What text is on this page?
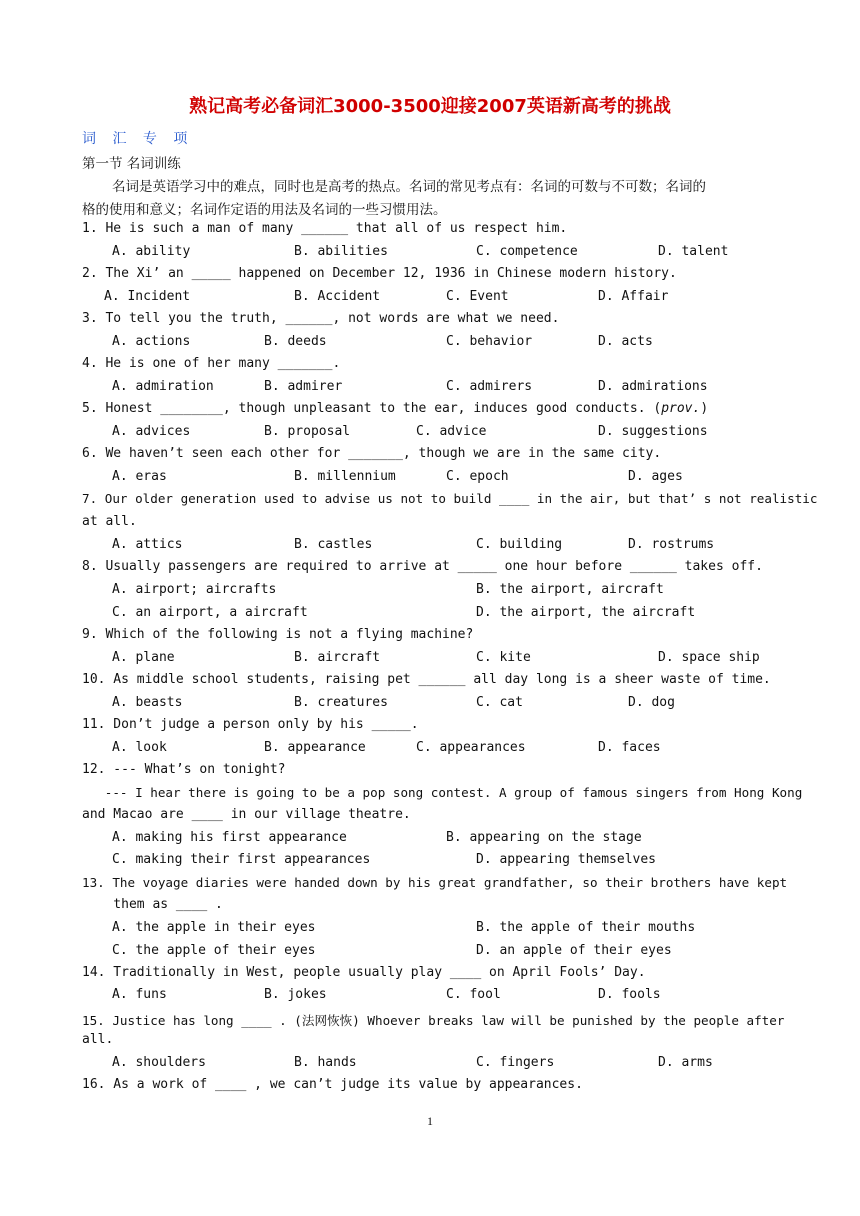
熟记高考必备词汇3000-3500迎接2007英语新高考的挑战
词 汇 专 项
第一节 名词训练
名词是英语学习中的难点，同时也是高考的热点。名词的常见考点有：名词的可数与不可数；名词的
格的使用和意义；名词作定语的用法及名词的一些习惯用法。
1. He is such a man of many ______ that all of us respect him.
A. ability	B. abilities	C. competence	D. talent
2. The Xi’ an _____ happened on December 12, 1936 in Chinese modern history.
A. Incident	B. Accident	C. Event	D. Affair
3. To tell you the truth, ______, not words are what we need.
A. actions	B. deeds	C. behavior	D. acts
4. He is one of her many _______.
A. admiration	B. admirer	C. admirers	D. admirations
5. Honest ________, though unpleasant to the ear, induces good conducts. (prov.)
A. advices	B. proposal	C. advice	D. suggestions
6. We haven’t seen each other for _______, though we are in the same city.
A. eras	B. millennium	C. epoch	D. ages
7. Our older generation used to advise us not to build ____ in the air, but that’ s not realistic
at all.
A. attics	B. castles	C. building	D. rostrums
8. Usually passengers are required to arrive at _____ one hour before ______ takes off.
A. airport; aircrafts	B. the airport, aircraft
C. an airport, a aircraft	D. the airport, the aircraft
9. Which of the following is not a flying machine?
A. plane	B. aircraft	C. kite	D. space ship
10. As middle school students, raising pet ______ all day long is a sheer waste of time.
A. beasts	B. creatures	C. cat	D. dog
11. Don’t judge a person only by his _____.
A. look	B. appearance	C. appearances	D. faces
12. --- What’s on tonight?
--- I hear there is going to be a pop song contest. A group of famous singers from Hong Kong
and Macao are ____ in our village theatre.
A. making his first appearance	B. appearing on the stage
C. making their first appearances	D. appearing themselves
13. The voyage diaries were handed down by his great grandfather, so their brothers have kept
them as ____ .
A. the apple in their eyes	B. the apple of their mouths
C. the apple of their eyes	D. an apple of their eyes
14. Traditionally in West, people usually play ____ on April Fools’ Day.
A. funs	B. jokes	C. fool	D. fools
15. Justice has long ____ . (法网恢恢) Whoever breaks law will be punished by the people after
all.
A. shoulders	B. hands	C. fingers	D. arms
16. As a work of ____ , we can’t judge its value by appearances.
1
